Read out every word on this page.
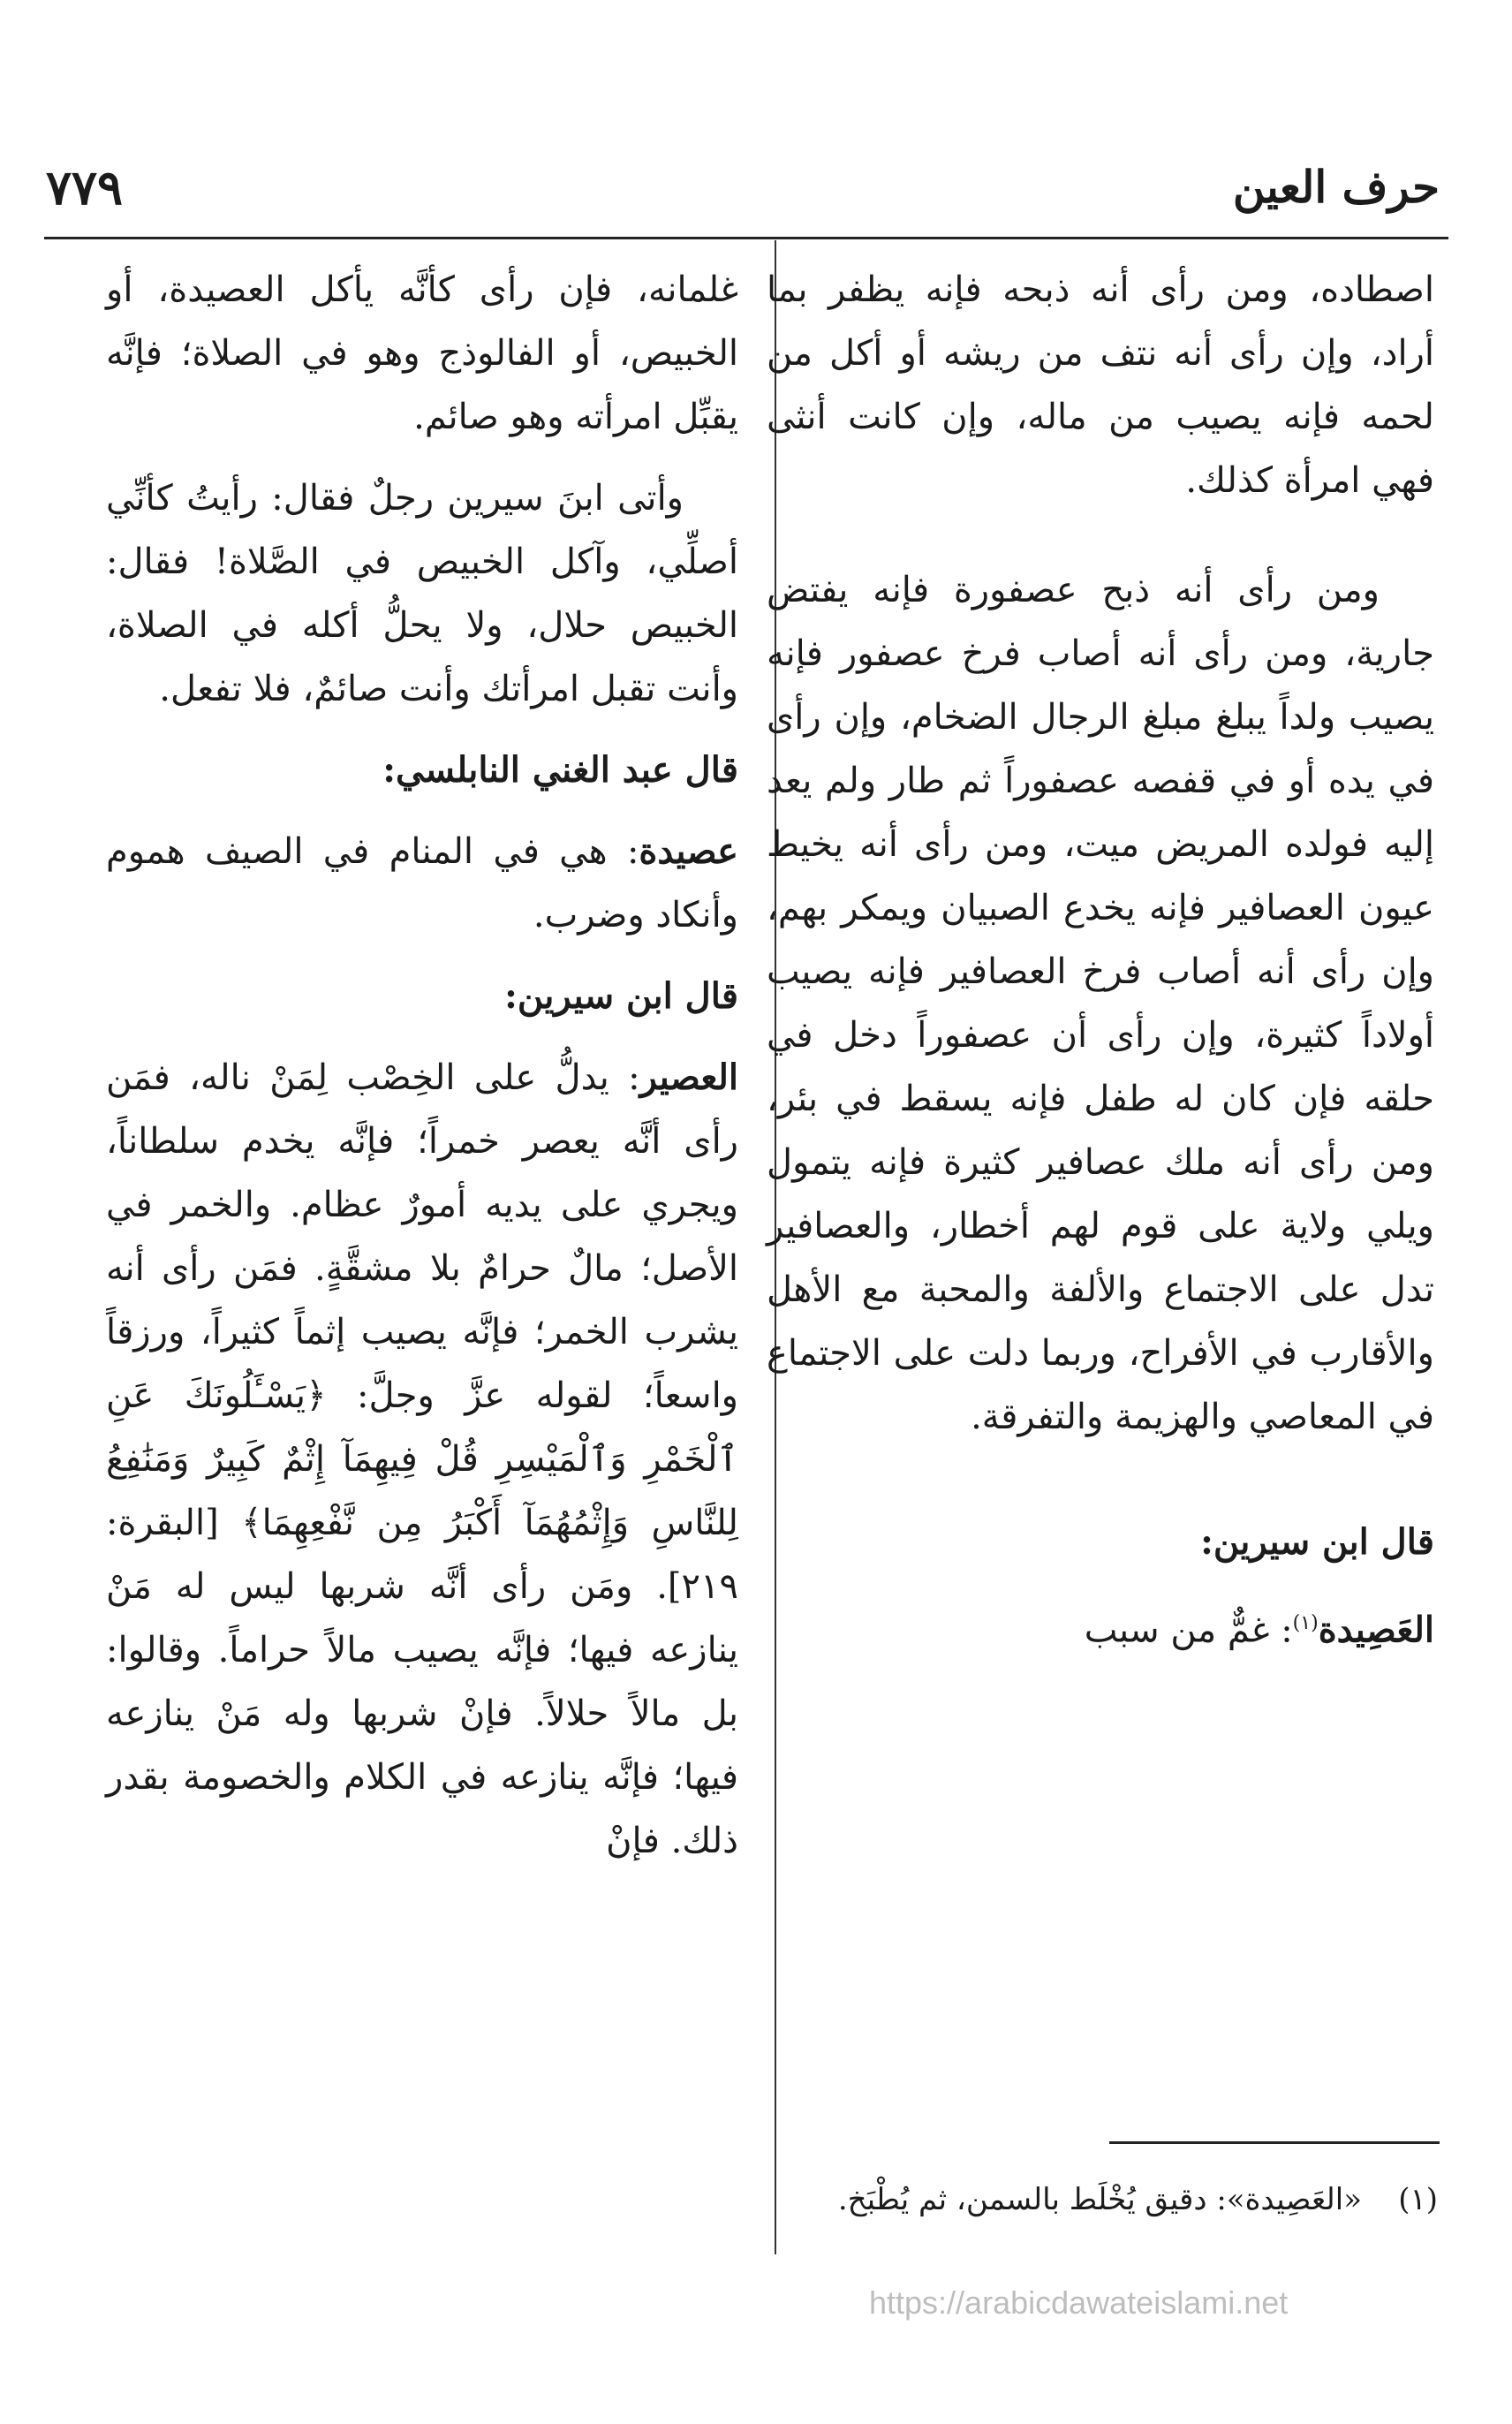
حرف العين
٧٧٩

اصطاده، ومن رأى أنه ذبحه فإنه يظفر بما أراد، وإن رأى أنه نتف من ريشه أو أكل من لحمه فإنه يصيب من ماله، وإن كانت أنثى فهي امرأة كذلك.

ومن رأى أنه ذبح عصفورة فإنه يفتض جارية، ومن رأى أنه أصاب فرخ عصفور فإنه يصيب ولداً يبلغ مبلغ الرجال الضخام، وإن رأى في يده أو في قفصه عصفوراً ثم طار ولم يعد إليه فولده المريض ميت، ومن رأى أنه يخيط عيون العصافير فإنه يخدع الصبيان ويمكر بهم، وإن رأى أنه أصاب فرخ العصافير فإنه يصيب أولاداً كثيرة، وإن رأى أن عصفوراً دخل في حلقه فإن كان له طفل فإنه يسقط في بئر، ومن رأى أنه ملك عصافير كثيرة فإنه يتمول ويلي ولاية على قوم لهم أخطار، والعصافير تدل على الاجتماع والألفة والمحبة مع الأهل والأقارب في الأفراح، وربما دلت على الاجتماع في المعاصي والهزيمة والتفرقة.

قال ابن سيرين:

العَصِيدة$^{(١)}$: غمٌّ من سبب

غلمانه، فإن رأى كأنَّه يأكل العصيدة، أو الخبيص، أو الفالوذج وهو في الصلاة؛ فإنَّه يقبِّل امرأته وهو صائم.

وأتى ابنَ سيرين رجلٌ فقال: رأيتُ كأنِّي أصلِّي، وآكل الخبيص في الصَّلاة! فقال: الخبيص حلال، ولا يحلُّ أكله في الصلاة، وأنت تقبل امرأتك وأنت صائمٌ، فلا تفعل.

قال عبد الغني النابلسي:

عصيدة: هي في المنام في الصيف هموم وأنكاد وضرب.

قال ابن سيرين:

العصير: يدلُّ على الخِصْب لِمَنْ ناله، فمَن رأى أنَّه يعصر خمراً؛ فإنَّه يخدم سلطاناً، ويجري على يديه أمورٌ عظام. والخمر في الأصل؛ مالٌ حرامٌ بلا مشقَّةٍ. فمَن رأى أنه يشرب الخمر؛ فإنَّه يصيب إثماً كثيراً، ورزقاً واسعاً؛ لقوله عزَّ وجلَّ: ﴿يَسْـَٔلُونَكَ عَنِ ٱلْخَمْرِ وَٱلْمَيْسِرِ قُلْ فِيهِمَآ إِثْمٌ كَبِيرٌ وَمَنَٰفِعُ لِلنَّاسِ وَإِثْمُهُمَآ أَكْبَرُ مِن نَّفْعِهِمَا﴾ [البقرة: ٢١٩]. ومَن رأى أنَّه شربها ليس له مَنْ ينازعه فيها؛ فإنَّه يصيب مالاً حراماً. وقالوا: بل مالاً حلالاً. فإنْ شربها وله مَنْ ينازعه فيها؛ فإنَّه ينازعه في الكلام والخصومة بقدر ذلك. فإنْ

(١)«العَصِيدة»: دقيق يُخْلَط بالسمن، ثم يُطْبَخ.
https://arabicdawateislami.net
